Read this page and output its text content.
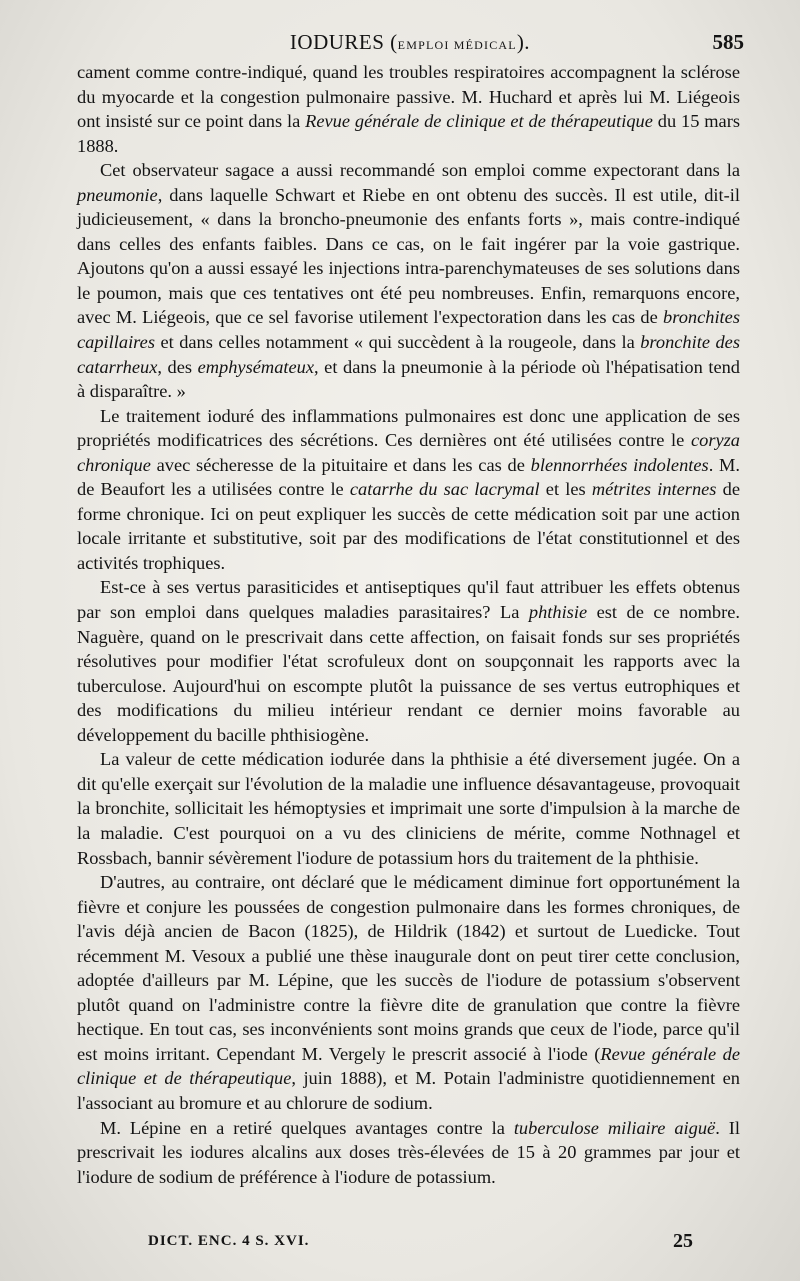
IODURES (EMPLOI MÉDICAL).	585

cament comme contre-indiqué, quand les troubles respiratoires accompagnent la sclérose du myocarde et la congestion pulmonaire passive. M. Huchard et après lui M. Liégeois ont insisté sur ce point dans la Revue générale de clinique et de thérapeutique du 15 mars 1888.

Cet observateur sagace a aussi recommandé son emploi comme expectorant dans la pneumonie, dans laquelle Schwart et Riebe en ont obtenu des succès. Il est utile, dit-il judicieusement, « dans la broncho-pneumonie des enfants forts », mais contre-indiqué dans celles des enfants faibles. Dans ce cas, on le fait ingérer par la voie gastrique. Ajoutons qu'on a aussi essayé les injections intra-parenchymateuses de ses solutions dans le poumon, mais que ces tentatives ont été peu nombreuses. Enfin, remarquons encore, avec M. Liégeois, que ce sel favorise utilement l'expectoration dans les cas de bronchites capillaires et dans celles notamment « qui succèdent à la rougeole, dans la bronchite des catarrheux, des emphysémateux, et dans la pneumonie à la période où l'hépatisation tend à disparaître. »

Le traitement ioduré des inflammations pulmonaires est donc une application de ses propriétés modificatrices des sécrétions. Ces dernières ont été utilisées contre le coryza chronique avec sécheresse de la pituitaire et dans les cas de blennorrhées indolentes. M. de Beaufort les a utilisées contre le catarrhe du sac lacrymal et les métrites internes de forme chronique. Ici on peut expliquer les succès de cette médication soit par une action locale irritante et substitutive, soit par des modifications de l'état constitutionnel et des activités trophiques.

Est-ce à ses vertus parasiticides et antiseptiques qu'il faut attribuer les effets obtenus par son emploi dans quelques maladies parasitaires? La phthisie est de ce nombre. Naguère, quand on le prescrivait dans cette affection, on faisait fonds sur ses propriétés résolutives pour modifier l'état scrofuleux dont on soupçonnait les rapports avec la tuberculose. Aujourd'hui on escompte plutôt la puissance de ses vertus eutrophiques et des modifications du milieu intérieur rendant ce dernier moins favorable au développement du bacille phthisiogène.

La valeur de cette médication iodurée dans la phthisie a été diversement jugée. On a dit qu'elle exerçait sur l'évolution de la maladie une influence désavantageuse, provoquait la bronchite, sollicitait les hémoptysies et imprimait une sorte d'impulsion à la marche de la maladie. C'est pourquoi on a vu des cliniciens de mérite, comme Nothnagel et Rossbach, bannir sévèrement l'iodure de potassium hors du traitement de la phthisie.

D'autres, au contraire, ont déclaré que le médicament diminue fort opportunément la fièvre et conjure les poussées de congestion pulmonaire dans les formes chroniques, de l'avis déjà ancien de Bacon (1825), de Hildrik (1842) et surtout de Luedicke. Tout récemment M. Vesoux a publié une thèse inaugurale dont on peut tirer cette conclusion, adoptée d'ailleurs par M. Lépine, que les succès de l'iodure de potassium s'observent plutôt quand on l'administre contre la fièvre dite de granulation que contre la fièvre hectique. En tout cas, ses inconvénients sont moins grands que ceux de l'iode, parce qu'il est moins irritant. Cependant M. Vergely le prescrit associé à l'iode (Revue générale de clinique et de thérapeutique, juin 1888), et M. Potain l'administre quotidiennement en l'associant au bromure et au chlorure de sodium.

M. Lépine en a retiré quelques avantages contre la tuberculose miliaire aiguë. Il prescrivait les iodures alcalins aux doses très-élevées de 15 à 20 grammes par jour et l'iodure de sodium de préférence à l'iodure de potassium.

DICT. ENC. 4 S. XVI.	25
